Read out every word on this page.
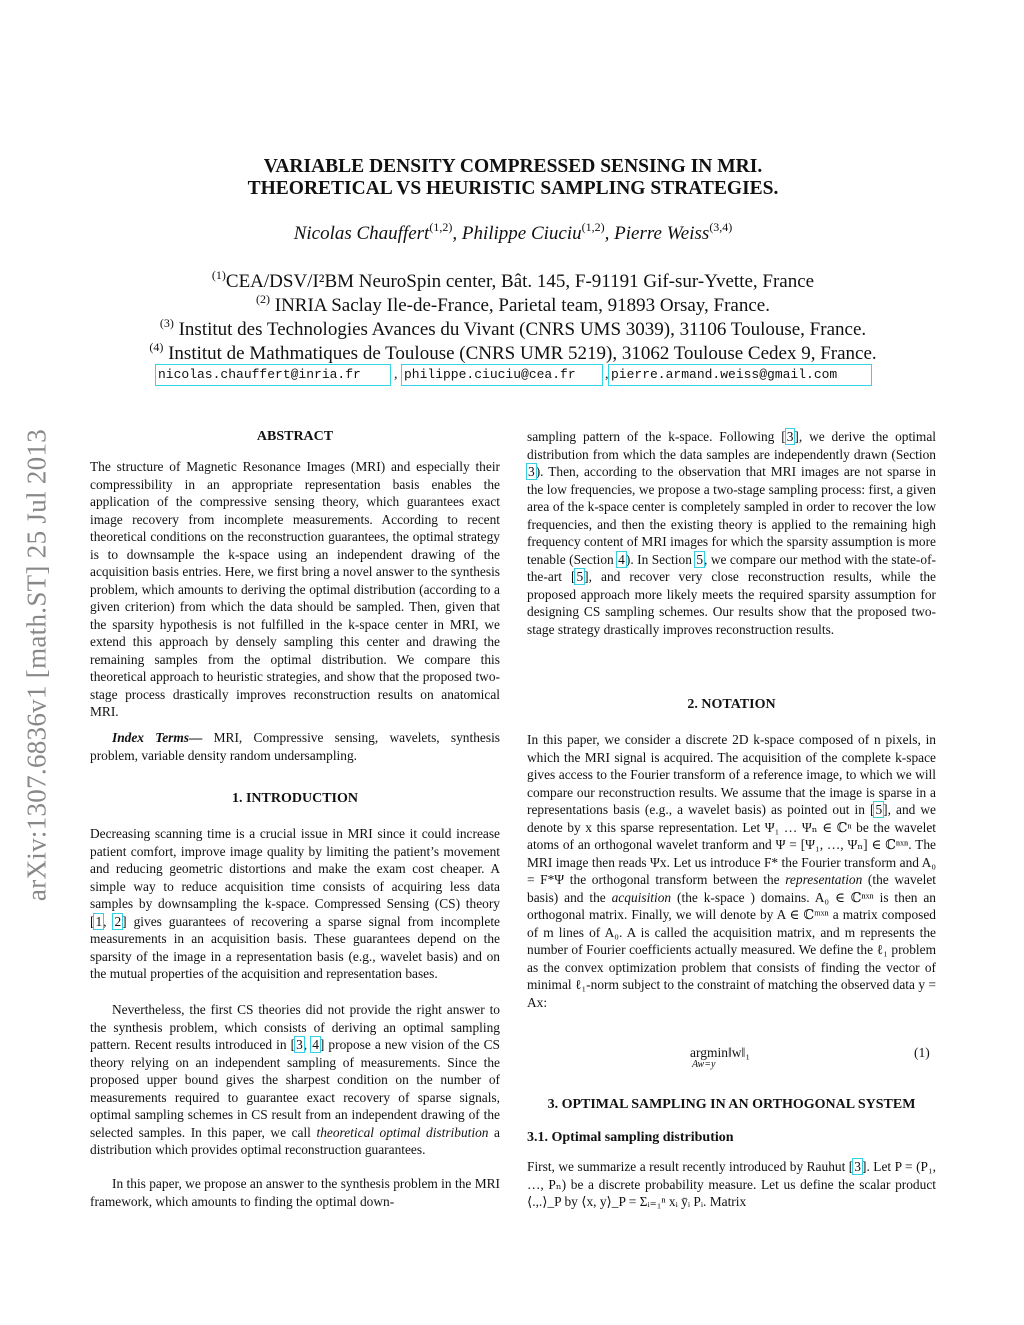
arXiv:1307.6836v1 [math.ST] 25 Jul 2013
VARIABLE DENSITY COMPRESSED SENSING IN MRI.
THEORETICAL VS HEURISTIC SAMPLING STRATEGIES.
Nicolas Chauffert$^{(1,2)}$, Philippe Ciuciu$^{(1,2)}$, Pierre Weiss$^{(3,4)}$
$^{(1)}$CEA/DSV/I²BM NeuroSpin center, Bât. 145, F-91191 Gif-sur-Yvette, France
$^{(2)}$ INRIA Saclay Ile-de-France, Parietal team, 91893 Orsay, France.
$^{(3)}$ Institut des Technologies Avances du Vivant (CNRS UMS 3039), 31106 Toulouse, France.
$^{(4)}$ Institut de Mathmatiques de Toulouse (CNRS UMR 5219), 31062 Toulouse Cedex 9, France.
nicolas.chauffert@inria.fr	, philippe.ciuciu@cea.fr	, pierre.armand.weiss@gmail.com
ABSTRACT
The structure of Magnetic Resonance Images (MRI) and especially their compressibility in an appropriate representation basis enables the application of the compressive sensing theory, which guarantees exact image recovery from incomplete measurements. According to recent theoretical conditions on the reconstruction guarantees, the optimal strategy is to downsample the k-space using an independent drawing of the acquisition basis entries. Here, we first bring a novel answer to the synthesis problem, which amounts to deriving the optimal distribution (according to a given criterion) from which the data should be sampled. Then, given that the sparsity hypothesis is not fulfilled in the k-space center in MRI, we extend this approach by densely sampling this center and drawing the remaining samples from the optimal distribution. We compare this theoretical approach to heuristic strategies, and show that the proposed two-stage process drastically improves reconstruction results on anatomical MRI.
Index Terms— MRI, Compressive sensing, wavelets, synthesis problem, variable density random undersampling.
1. INTRODUCTION
Decreasing scanning time is a crucial issue in MRI since it could increase patient comfort, improve image quality by limiting the patient’s movement and reducing geometric distortions and make the exam cost cheaper. A simple way to reduce acquisition time consists of acquiring less data samples by downsampling the k-space. Compressed Sensing (CS) theory [1, 2] gives guarantees of recovering a sparse signal from incomplete measurements in an acquisition basis. These guarantees depend on the sparsity of the image in a representation basis (e.g., wavelet basis) and on the mutual properties of the acquisition and representation bases.
Nevertheless, the first CS theories did not provide the right answer to the synthesis problem, which consists of deriving an optimal sampling pattern. Recent results introduced in [3, 4] propose a new vision of the CS theory relying on an independent sampling of measurements. Since the proposed upper bound gives the sharpest condition on the number of measurements required to guarantee exact recovery of sparse signals, optimal sampling schemes in CS result from an independent drawing of the selected samples. In this paper, we call theoretical optimal distribution a distribution which provides optimal reconstruction guarantees.
In this paper, we propose an answer to the synthesis problem in the MRI framework, which amounts to finding the optimal down-
sampling pattern of the k-space. Following [3], we derive the optimal distribution from which the data samples are independently drawn (Section 3). Then, according to the observation that MRI images are not sparse in the low frequencies, we propose a two-stage sampling process: first, a given area of the k-space center is completely sampled in order to recover the low frequencies, and then the existing theory is applied to the remaining high frequency content of MRI images for which the sparsity assumption is more tenable (Section 4). In Section 5, we compare our method with the state-of-the-art [5], and recover very close reconstruction results, while the proposed approach more likely meets the required sparsity assumption for designing CS sampling schemes. Our results show that the proposed two-stage strategy drastically improves reconstruction results.
2. NOTATION
In this paper, we consider a discrete 2D k-space composed of n pixels, in which the MRI signal is acquired. The acquisition of the complete k-space gives access to the Fourier transform of a reference image, to which we will compare our reconstruction results. We assume that the image is sparse in a representations basis (e.g., a wavelet basis) as pointed out in [5], and we denote by x this sparse representation. Let Ψ₁ … Ψₙ ∈ ℂⁿ be the wavelet atoms of an orthogonal wavelet tranform and Ψ = [Ψ₁, …, Ψₙ] ∈ ℂⁿˣⁿ. The MRI image then reads Ψx. Let us introduce F* the Fourier transform and A₀ = F*Ψ the orthogonal transform between the representation (the wavelet basis) and the acquisition (the k-space ) domains. A₀ ∈ ℂⁿˣⁿ is then an orthogonal matrix. Finally, we will denote by A ∈ ℂᵐˣⁿ a matrix composed of m lines of A₀. A is called the acquisition matrix, and m represents the number of Fourier coefficients actually measured. We define the ℓ₁ problem as the convex optimization problem that consists of finding the vector of minimal ℓ₁-norm subject to the constraint of matching the observed data y = Ax:
argmin‖w‖₁
Aw=y
(1)
3. OPTIMAL SAMPLING IN AN ORTHOGONAL SYSTEM
3.1. Optimal sampling distribution
First, we summarize a result recently introduced by Rauhut [3]. Let P = (P₁, …, Pₙ) be a discrete probability measure. Let us define the scalar product ⟨.,.⟩_P by ⟨x, y⟩_P = Σᵢ₌₁ⁿ xᵢ ȳᵢ Pᵢ. Matrix
